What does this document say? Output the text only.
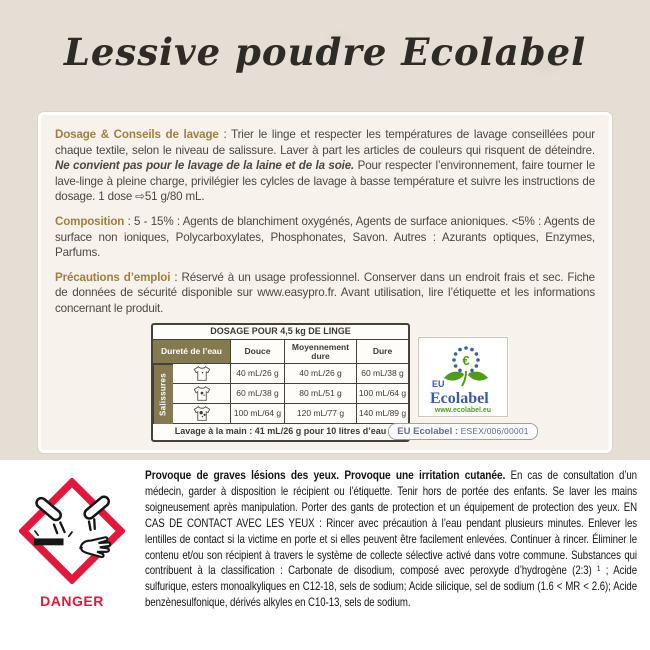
Lessive poudre Ecolabel

Dosage & Conseils de lavage : Trier le linge et respecter les températures de lavage conseillées pour chaque textile, selon le niveau de salissure. Laver à part les articles de couleurs qui risquent de déteindre. Ne convient pas pour le lavage de la laine et de la soie. Pour respecter l’environnement, faire tourner le lave-linge à pleine charge, privilégier les cylcles de lavage à basse température et suivre les instructions de dosage. 1 dose ⇨51 g/80 mL.

Composition : 5 - 15% : Agents de blanchiment oxygénés, Agents de surface anioniques. <5% : Agents de surface non ioniques, Polycarboxylates, Phosphonates, Savon. Autres : Azurants optiques, Enzymes, Parfums.

Précautions d’emploi : Réservé à un usage professionnel. Conserver dans un endroit frais et sec. Fiche de données de sécurité disponible sur www.easypro.fr. Avant utilisation, lire l’étiquette et les informations concernant le produit.

DOSAGE POUR 4,5 kg DE LINGE
Dureté de l’eau	Douce	Moyennement dure	Dure
Salissures	40 mL/26 g	40 mL/26 g	60 mL/38 g
60 mL/38 g	80 mL/51 g	100 mL/64 g
100 mL/64 g	120 mL/77 g	140 mL/89 g
Lavage à la main : 41 mL/26 g pour 10 litres d’eau
€
EU
Ecolabel
www.ecolabel.eu
EU Ecolabel : ESEX/006/00001
DANGER

Provoque de graves lésions des yeux. Provoque une irritation cutanée. En cas de consultation d’un médecin, garder à disposition le récipient ou l’étiquette. Tenir hors de portée des enfants. Se laver les mains soigneusement après manipulation. Porter des gants de protection et un équipement de protection des yeux. EN CAS DE CONTACT AVEC LES YEUX : Rincer avec précaution à l’eau pendant plusieurs minutes. Enlever les lentilles de contact si la victime en porte et si elles peuvent être facilement enlevées. Continuer à rincer. Éliminer le contenu et/ou son récipient à travers le système de collecte sélective activé dans votre commune. Substances qui contribuent à la classification : Carbonate de disodium, composé avec peroxyde d’hydrogène (2:3) ¹ ; Acide sulfurique, esters monoalkyliques en C12-18, sels de sodium; Acide silicique, sel de sodium (1.6 < MR < 2.6); Acide benzènesulfonique, dérivés alkyles en C10-13, sels de sodium.
